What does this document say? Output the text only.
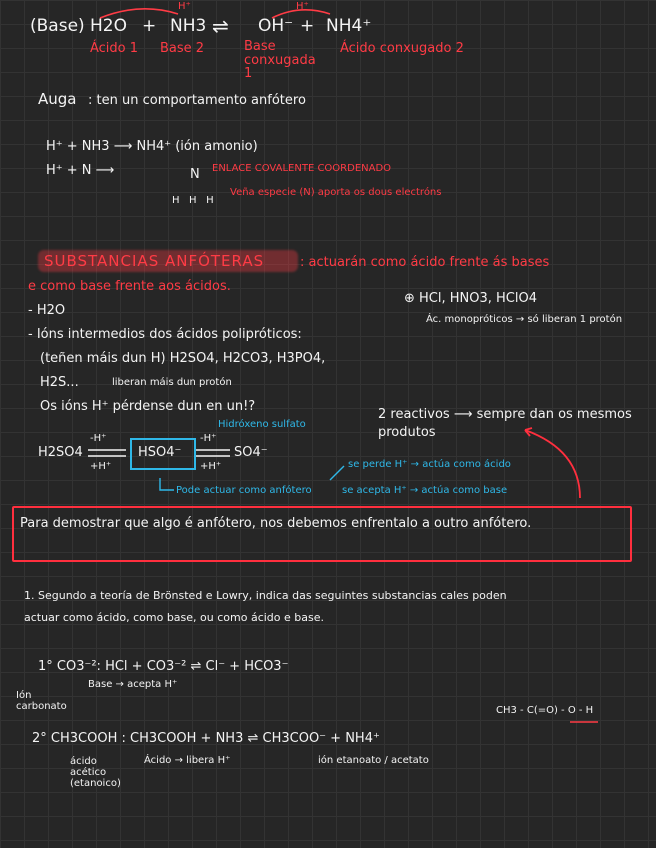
(Base) H2O + NH3 ⇌ OH⁻ + NH4⁺
H⁺	H⁺
Ácido 1 Base 2	Base conxugada 1
Ácido conxugado 2
Auga : ten un comportamento anfótero
H⁺ + NH3 ⟶ NH4⁺ (ión amonio)
H⁺ + N ⟶	ENLACE COVALENTE COORDENADO
Veña especie (N) aporta os dous electróns
N
H   H   H
SUBSTANCIAS ANFÓTERAS	: actuarán como ácido frente ás bases
e como base frente aos ácidos.
⊕ HCl, HNO3, HClO4
Ác. monopróticos → só liberan 1 protón
- H2O
- Ións intermedios dos ácidos polipróticos:
(teñen máis dun H) H2SO4, H2CO3, H3PO4,
H2S...	liberan máis dun protón
Os ións H⁺ pérdense dun en un!?
2 reactivos ⟶ sempre dan os mesmos produtos
Hidróxeno sulfato
H2SO4
-H⁺
+H⁺
HSO4⁻
-H⁺
+H⁺
SO4⁻
se perde H⁺ → actúa como ácido
Pode actuar como anfótero	se acepta H⁺ → actúa como base
Para demostrar que algo é anfótero, nos debemos enfrentalo a outro anfótero.
1. Segundo a teoría de Brönsted e Lowry, indica das seguintes substancias cales poden
actuar como ácido, como base, ou como ácido e base.
1° CO3⁻²: HCl + CO3⁻² ⇌ Cl⁻ + HCO3⁻
Base → acepta H⁺
Ión carbonato
2° CH3COOH : CH3COOH + NH3 ⇌ CH3COO⁻ + NH4⁺
Ácido → libera H⁺
ácido acético (etanoico)
ión etanoato / acetato
CH3 - C(=O) - O - H
